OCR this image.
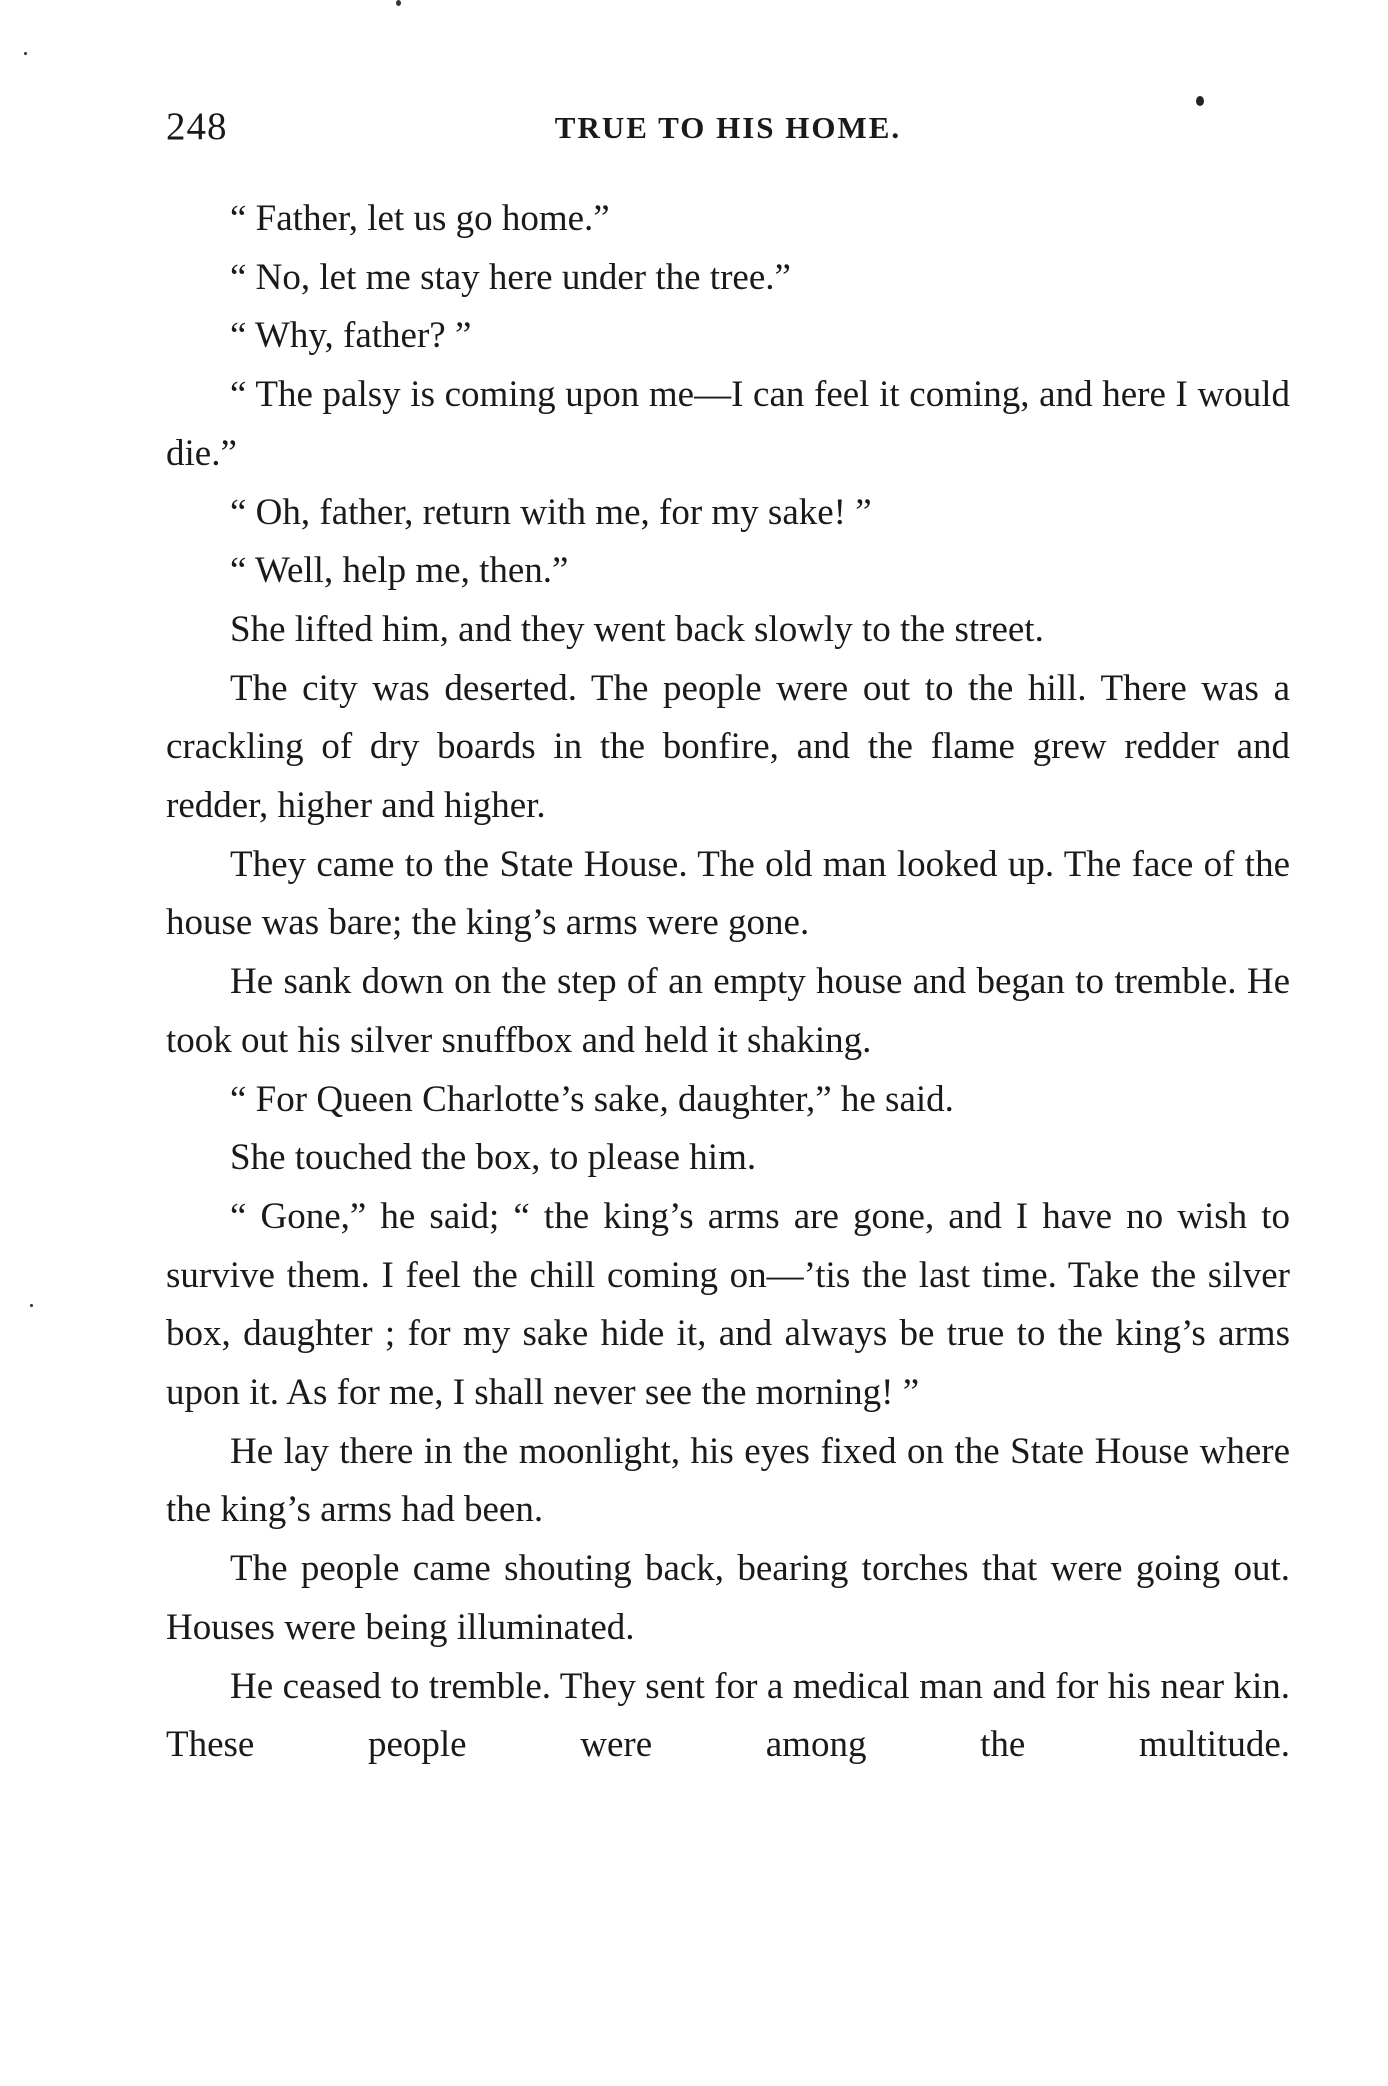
248	TRUE TO HIS HOME.

“ Father, let us go home.”

“ No, let me stay here under the tree.”

“ Why, father? ”

“ The palsy is coming upon me—I can feel it coming, and here I would die.”

“ Oh, father, return with me, for my sake! ”

“ Well, help me, then.”

She lifted him, and they went back slowly to the street.

The city was deserted. The people were out to the hill. There was a crackling of dry boards in the bonfire, and the flame grew redder and redder, higher and higher.

They came to the State House. The old man looked up. The face of the house was bare; the king’s arms were gone.

He sank down on the step of an empty house and began to tremble. He took out his silver snuffbox and held it shaking.

“ For Queen Charlotte’s sake, daughter,” he said.

She touched the box, to please him.

“ Gone,” he said; “ the king’s arms are gone, and I have no wish to survive them. I feel the chill coming on—’tis the last time. Take the silver box, daughter ; for my sake hide it, and always be true to the king’s arms upon it. As for me, I shall never see the morning! ”

He lay there in the moonlight, his eyes fixed on the State House where the king’s arms had been.

The people came shouting back, bearing torches that were going out. Houses were being illuminated.

He ceased to tremble. They sent for a medical man and for his near kin. These people were among the multitude.
